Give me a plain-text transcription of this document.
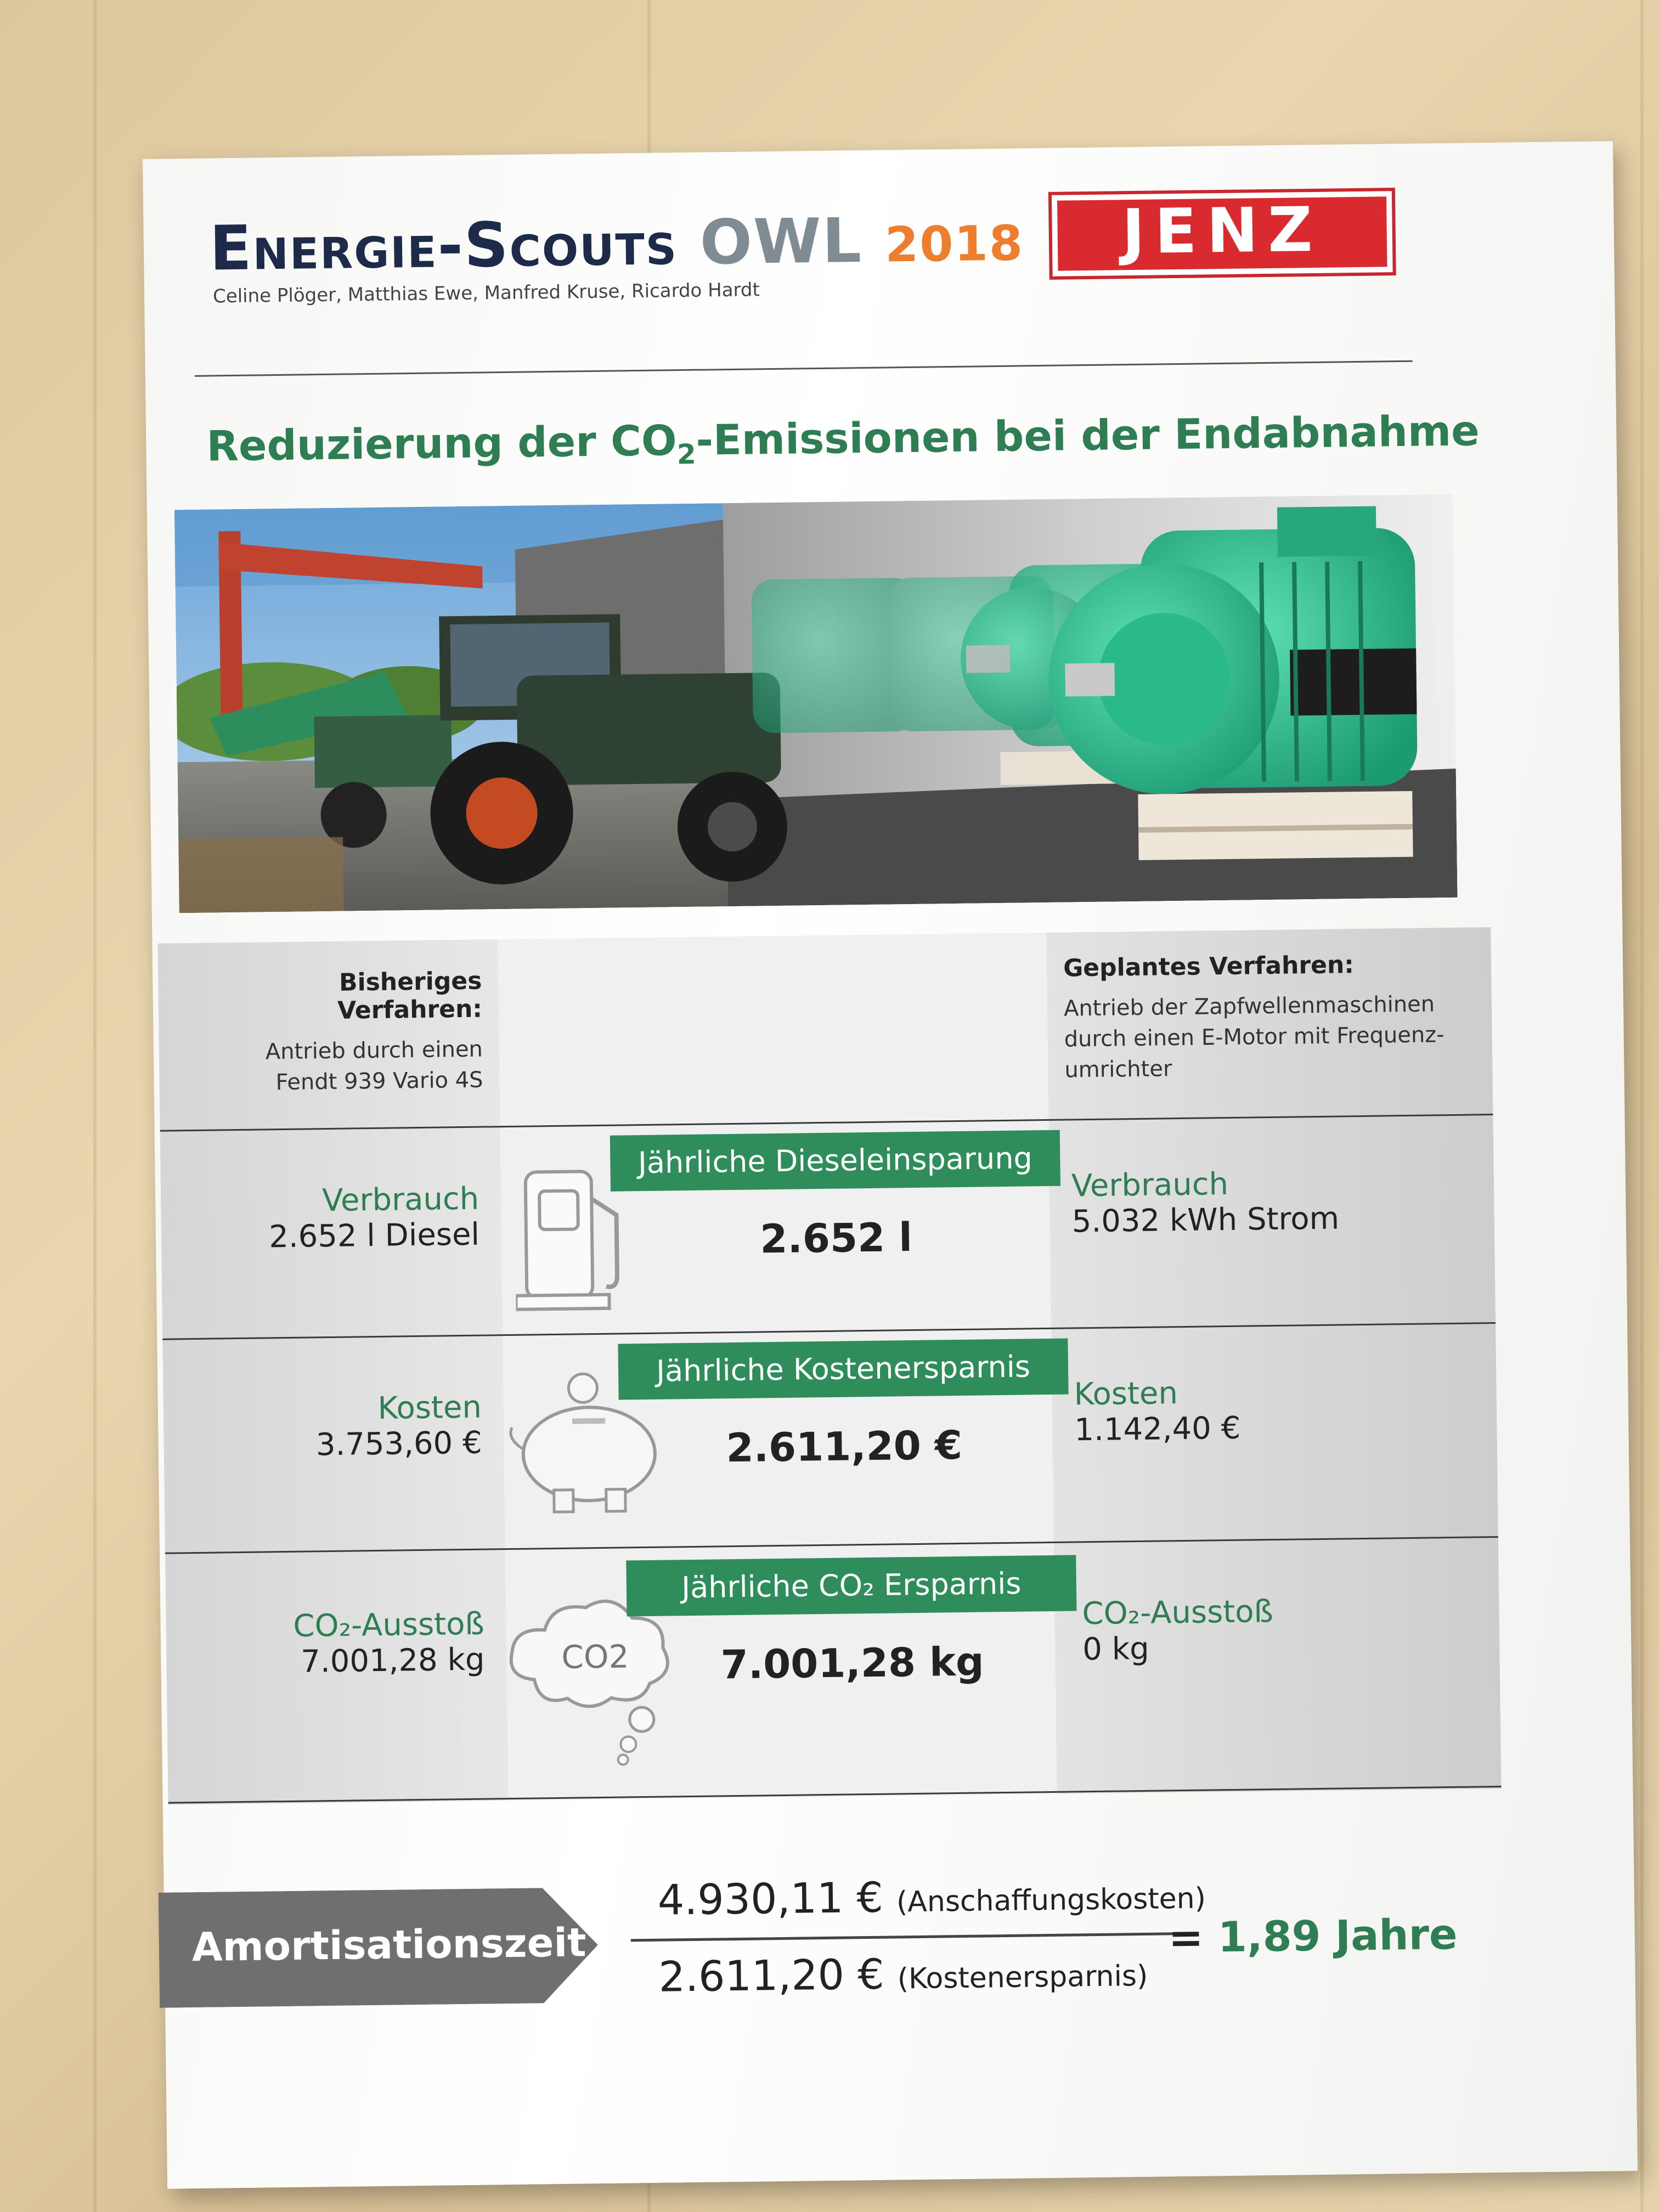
Energie-Scouts OWL 2018
Celine Plöger, Matthias Ewe, Manfred Kruse, Ricardo Hardt
JENZ
Reduzierung der $CO_2$-Emissionen bei der Endabnahme
Bisheriges Verfahren:
Antrieb durch einen
Fendt 939 Vario 4S
Geplantes Verfahren:
Antrieb der Zapfwellenmaschinen
durch einen E-Motor mit Frequenz-
umrichter
Verbrauch
2.652 l Diesel
Jährliche Dieseleinsparung
2.652 l
Verbrauch
5.032 kWh Strom
Kosten
3.753,60 €
Jährliche Kostenersparnis
2.611,20 €
Kosten
1.142,40 €
CO₂-Ausstoß
7.001,28 kg CO2
Jährliche CO₂ Ersparnis
7.001,28 kg
CO₂-Ausstoß
0 kg
Amortisationszeit
4.930,11 € (Anschaffungskosten)
2.611,20 € (Kostenersparnis)
= 1,89 Jahre
